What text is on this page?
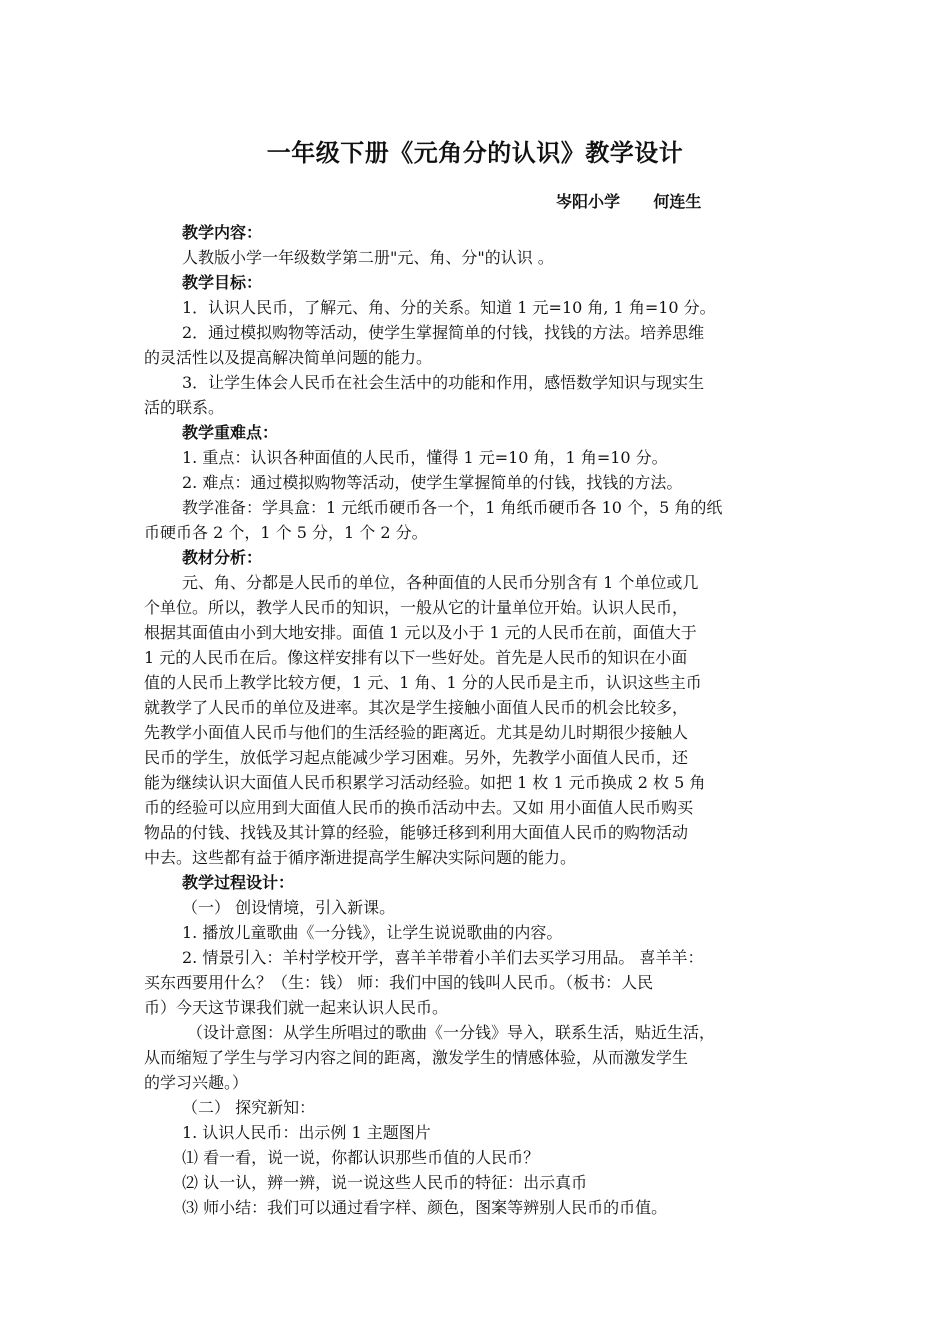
一年级下册《元角分的认识》教学设计
岑阳小学      何连生

教学内容：

人教版小学一年级数学第二册"元、角、分"的认识 。

教学目标：

1．认识人民币，了解元、角、分的关系。知道 1 元=10 角, 1 角=10 分。

2．通过模拟购物等活动，使学生掌握简单的付钱，找钱的方法。培养思维

的灵活性以及提高解决简单问题的能力。

3．让学生体会人民币在社会生活中的功能和作用，感悟数学知识与现实生

活的联系。

教学重难点：

1. 重点：认识各种面值的人民币，懂得 1 元=10 角，1 角=10 分。

2. 难点：通过模拟购物等活动，使学生掌握简单的付钱，找钱的方法。

教学准备：学具盒：1 元纸币硬币各一个，1 角纸币硬币各 10 个，5 角的纸

币硬币各 2 个，1 个 5 分，1 个 2 分。

教材分析：

元、角、分都是人民币的单位，各种面值的人民币分别含有 1 个单位或几

个单位。所以，教学人民币的知识，一般从它的计量单位开始。认识人民币，

根据其面值由小到大地安排。面值 1 元以及小于 1 元的人民币在前，面值大于

1 元的人民币在后。像这样安排有以下一些好处。首先是人民币的知识在小面

值的人民币上教学比较方便，1 元、1 角、1 分的人民币是主币，认识这些主币

就教学了人民币的单位及进率。其次是学生接触小面值人民币的机会比较多，

先教学小面值人民币与他们的生活经验的距离近。尤其是幼儿时期很少接触人

民币的学生，放低学习起点能减少学习困难。另外，先教学小面值人民币，还

能为继续认识大面值人民币积累学习活动经验。如把 1 枚 1 元币换成 2 枚 5 角

币的经验可以应用到大面值人民币的换币活动中去。又如 用小面值人民币购买

物品的付钱、找钱及其计算的经验，能够迁移到利用大面值人民币的购物活动

中去。这些都有益于循序渐进提高学生解决实际问题的能力。

教学过程设计：

（一） 创设情境，引入新课。

1. 播放儿童歌曲《一分钱》，让学生说说歌曲的内容。

2. 情景引入：羊村学校开学，喜羊羊带着小羊们去买学习用品。 喜羊羊：

买东西要用什么？（生：钱） 师：我们中国的钱叫人民币。（板书：人民

币）今天这节课我们就一起来认识人民币。

（设计意图：从学生所唱过的歌曲《一分钱》导入，联系生活，贴近生活，

从而缩短了学生与学习内容之间的距离，激发学生的情感体验，从而激发学生

的学习兴趣。）

（二） 探究新知：

1. 认识人民币：出示例 1 主题图片

⑴ 看一看，说一说，你都认识那些币值的人民币？

⑵ 认一认，辨一辨，说一说这些人民币的特征：出示真币

⑶ 师小结：我们可以通过看字样、颜色，图案等辨别人民币的币值。
